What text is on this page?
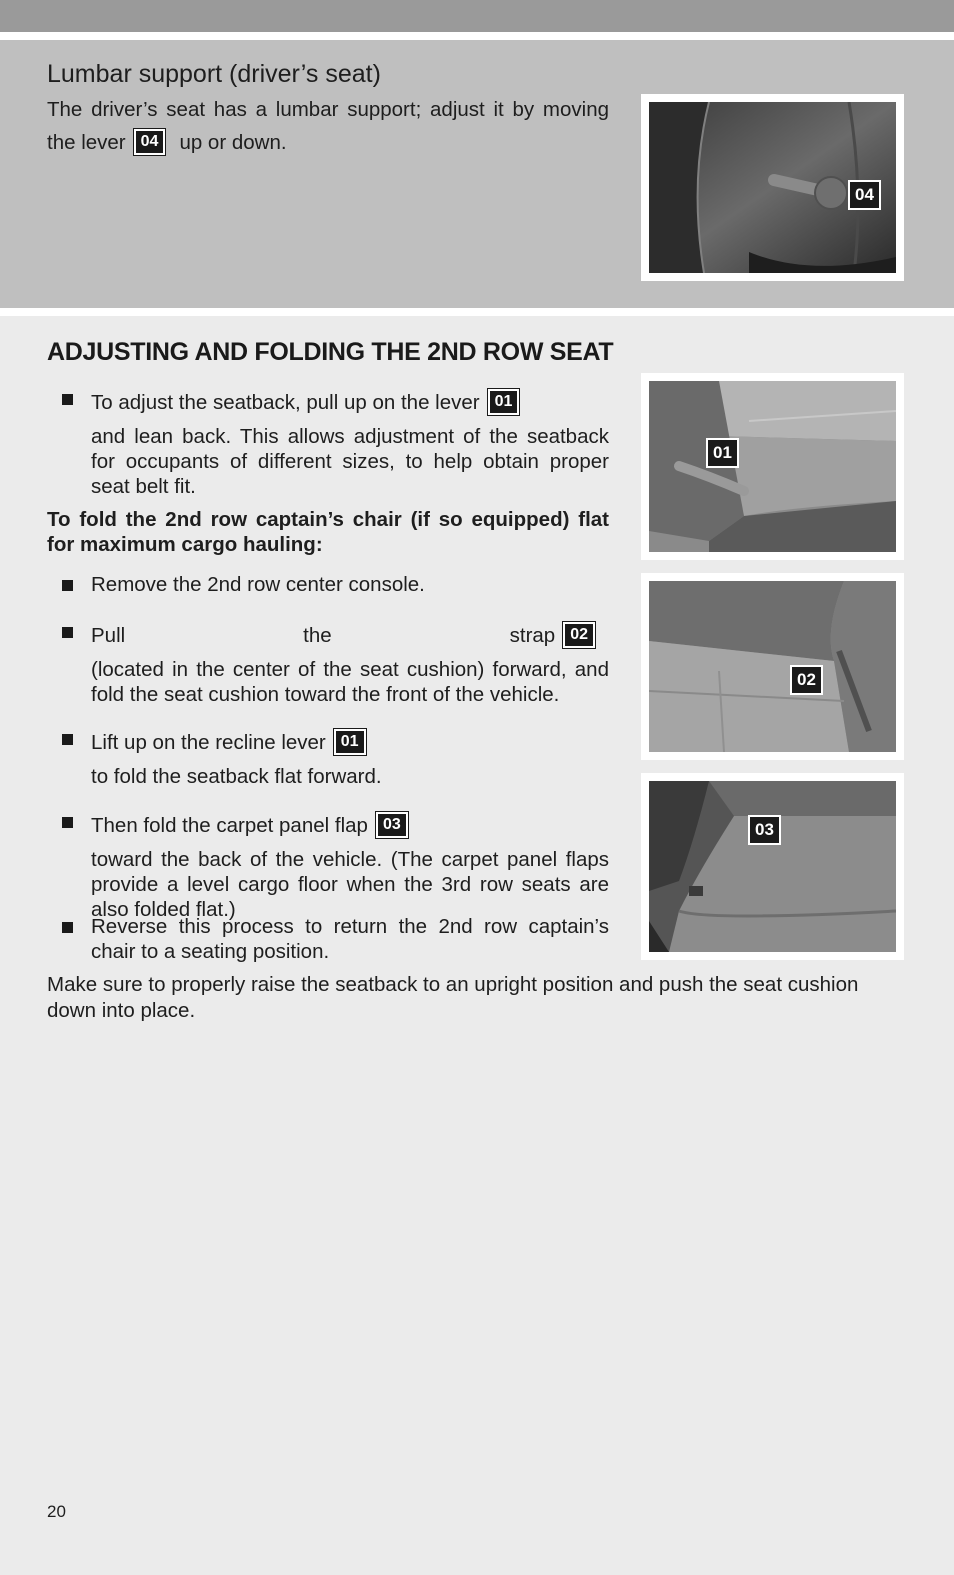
Lumbar support (driver’s seat)

The driver’s seat has a lumbar support; adjust it by moving the lever 04 up or down.

04
ADJUSTING AND FOLDING THE 2ND ROW SEAT
To adjust the seatback, pull up on the lever 01
and lean back. This allows adjustment of the seatback for occupants of different sizes, to help obtain proper seat belt fit.
To fold the 2nd row captain’s chair (if so equipped) flat for maximum cargo hauling:
Remove the 2nd row center console.
Pull the strap 02
(located in the center of the seat cushion) forward, and fold the seat cushion toward the front of the vehicle.
Lift up on the recline lever 01
to fold the seatback flat forward.
Then fold the carpet panel flap 03
toward the back of the vehicle. (The carpet panel flaps provide a level cargo floor when the 3rd row seats are also folded flat.)
Reverse this process to return the 2nd row captain’s chair to a seating position.

Make sure to properly raise the seatback to an upright position and push the seat cushion down into place.

01
02
03

20
